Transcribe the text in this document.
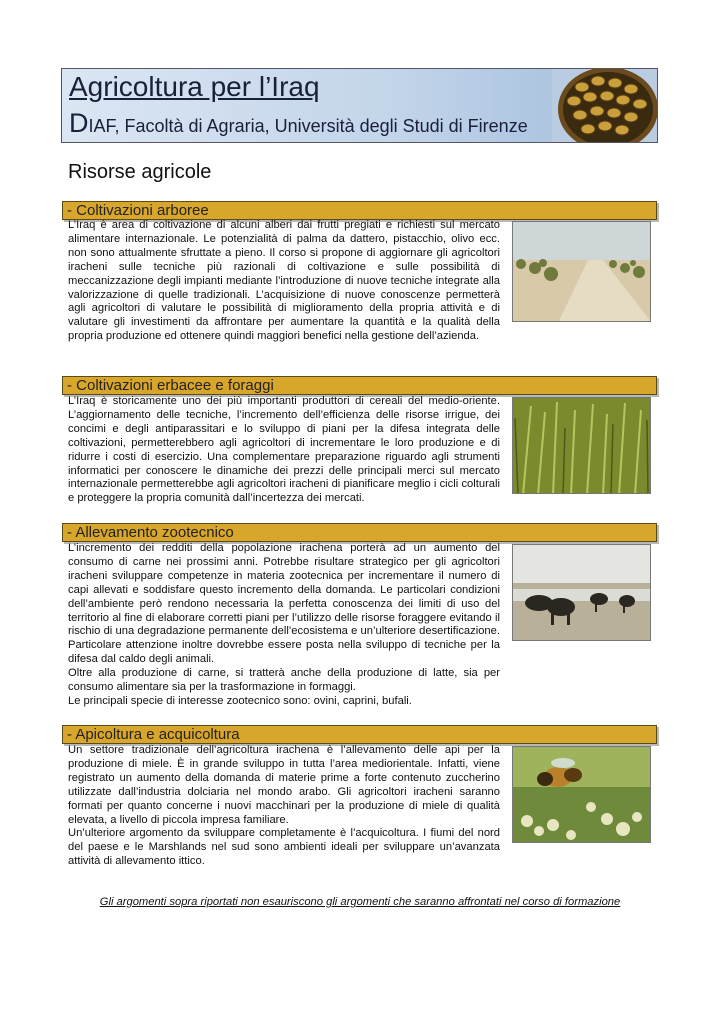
Agricoltura per l’Iraq
DIAF, Facoltà di Agraria, Università degli Studi di Firenze
Risorse agricole
- Coltivazioni arboree

L’Iraq è area di coltivazione di alcuni alberi dai frutti pregiati e richiesti sul mercato alimentare internazionale. Le potenzialità di palma da dattero, pistacchio, olivo ecc. non sono attualmente sfruttate a pieno. Il corso si propone di aggiornare gli agricoltori iracheni sulle tecniche più razionali di coltivazione e sulle possibilità di meccanizzazione degli impianti mediante l’introduzione di nuove tecniche integrate alla valorizzazione di quelle tradizionali. L’acquisizione di nuove conoscenze permetterà agli agricoltori di valutare le possibilità di miglioramento della propria attività e di valutare gli investimenti da affrontare per aumentare la quantità e la qualità della propria produzione ed ottenere quindi maggiori benefici nella gestione dell’azienda.

- Coltivazioni erbacee e foraggi

L’Iraq è storicamente uno dei più importanti produttori di cereali del medio-oriente. L’aggiornamento delle tecniche, l’incremento dell’efficienza delle risorse irrigue, dei concimi e degli antiparassitari e lo sviluppo di piani per la difesa integrata delle coltivazioni, permetterebbero agli agricoltori di incrementare le loro produzione e di ridurre i costi di esercizio. Una complementare preparazione riguardo agli strumenti informatici per conoscere le dinamiche dei prezzi delle principali merci sul mercato internazionale permetterebbe agli agricoltori iracheni di pianificare meglio i cicli colturali e proteggere la propria comunità dall’incertezza dei mercati.

- Allevamento zootecnico

L’incremento dei redditi della popolazione irachena porterà ad un aumento del consumo di carne nei prossimi anni. Potrebbe risultare strategico per gli agricoltori iracheni sviluppare competenze in materia zootecnica per incrementare il numero di capi allevati e soddisfare questo incremento della domanda. Le particolari condizioni dell’ambiente però rendono necessaria la perfetta conoscenza dei limiti di uso del territorio al fine di elaborare corretti piani per l’utilizzo delle risorse foraggere evitando il rischio di una degradazione permanente dell’ecosistema e un’ulteriore desertificazione. Particolare attenzione inoltre dovrebbe essere posta nella sviluppo di tecniche per la difesa dal caldo degli animali.

Oltre alla produzione di carne, si tratterà anche della produzione di latte, sia per consumo alimentare sia per la trasformazione in formaggi.

Le principali specie di interesse zootecnico sono: ovini, caprini, bufali.

- Apicoltura e acquicoltura

Un settore tradizionale dell’agricoltura irachena è l’allevamento delle api per la produzione di miele. È in grande sviluppo in tutta l’area mediorientale. Infatti, viene registrato un aumento della domanda di materie prime a forte contenuto zuccherino utilizzate dall’industria dolciaria nel mondo arabo. Gli agricoltori iracheni saranno formati per quanto concerne i nuovi macchinari per la produzione di miele di qualità elevata, a livello di piccola impresa familiare.

Un’ulteriore argomento da sviluppare completamente è l’acquicoltura. I fiumi del nord del paese e le Marshlands nel sud sono ambienti ideali per sviluppare un’avanzata attività di allevamento ittico.

Gli argomenti sopra riportati non esauriscono gli argomenti che saranno affrontati nel corso di formazione
